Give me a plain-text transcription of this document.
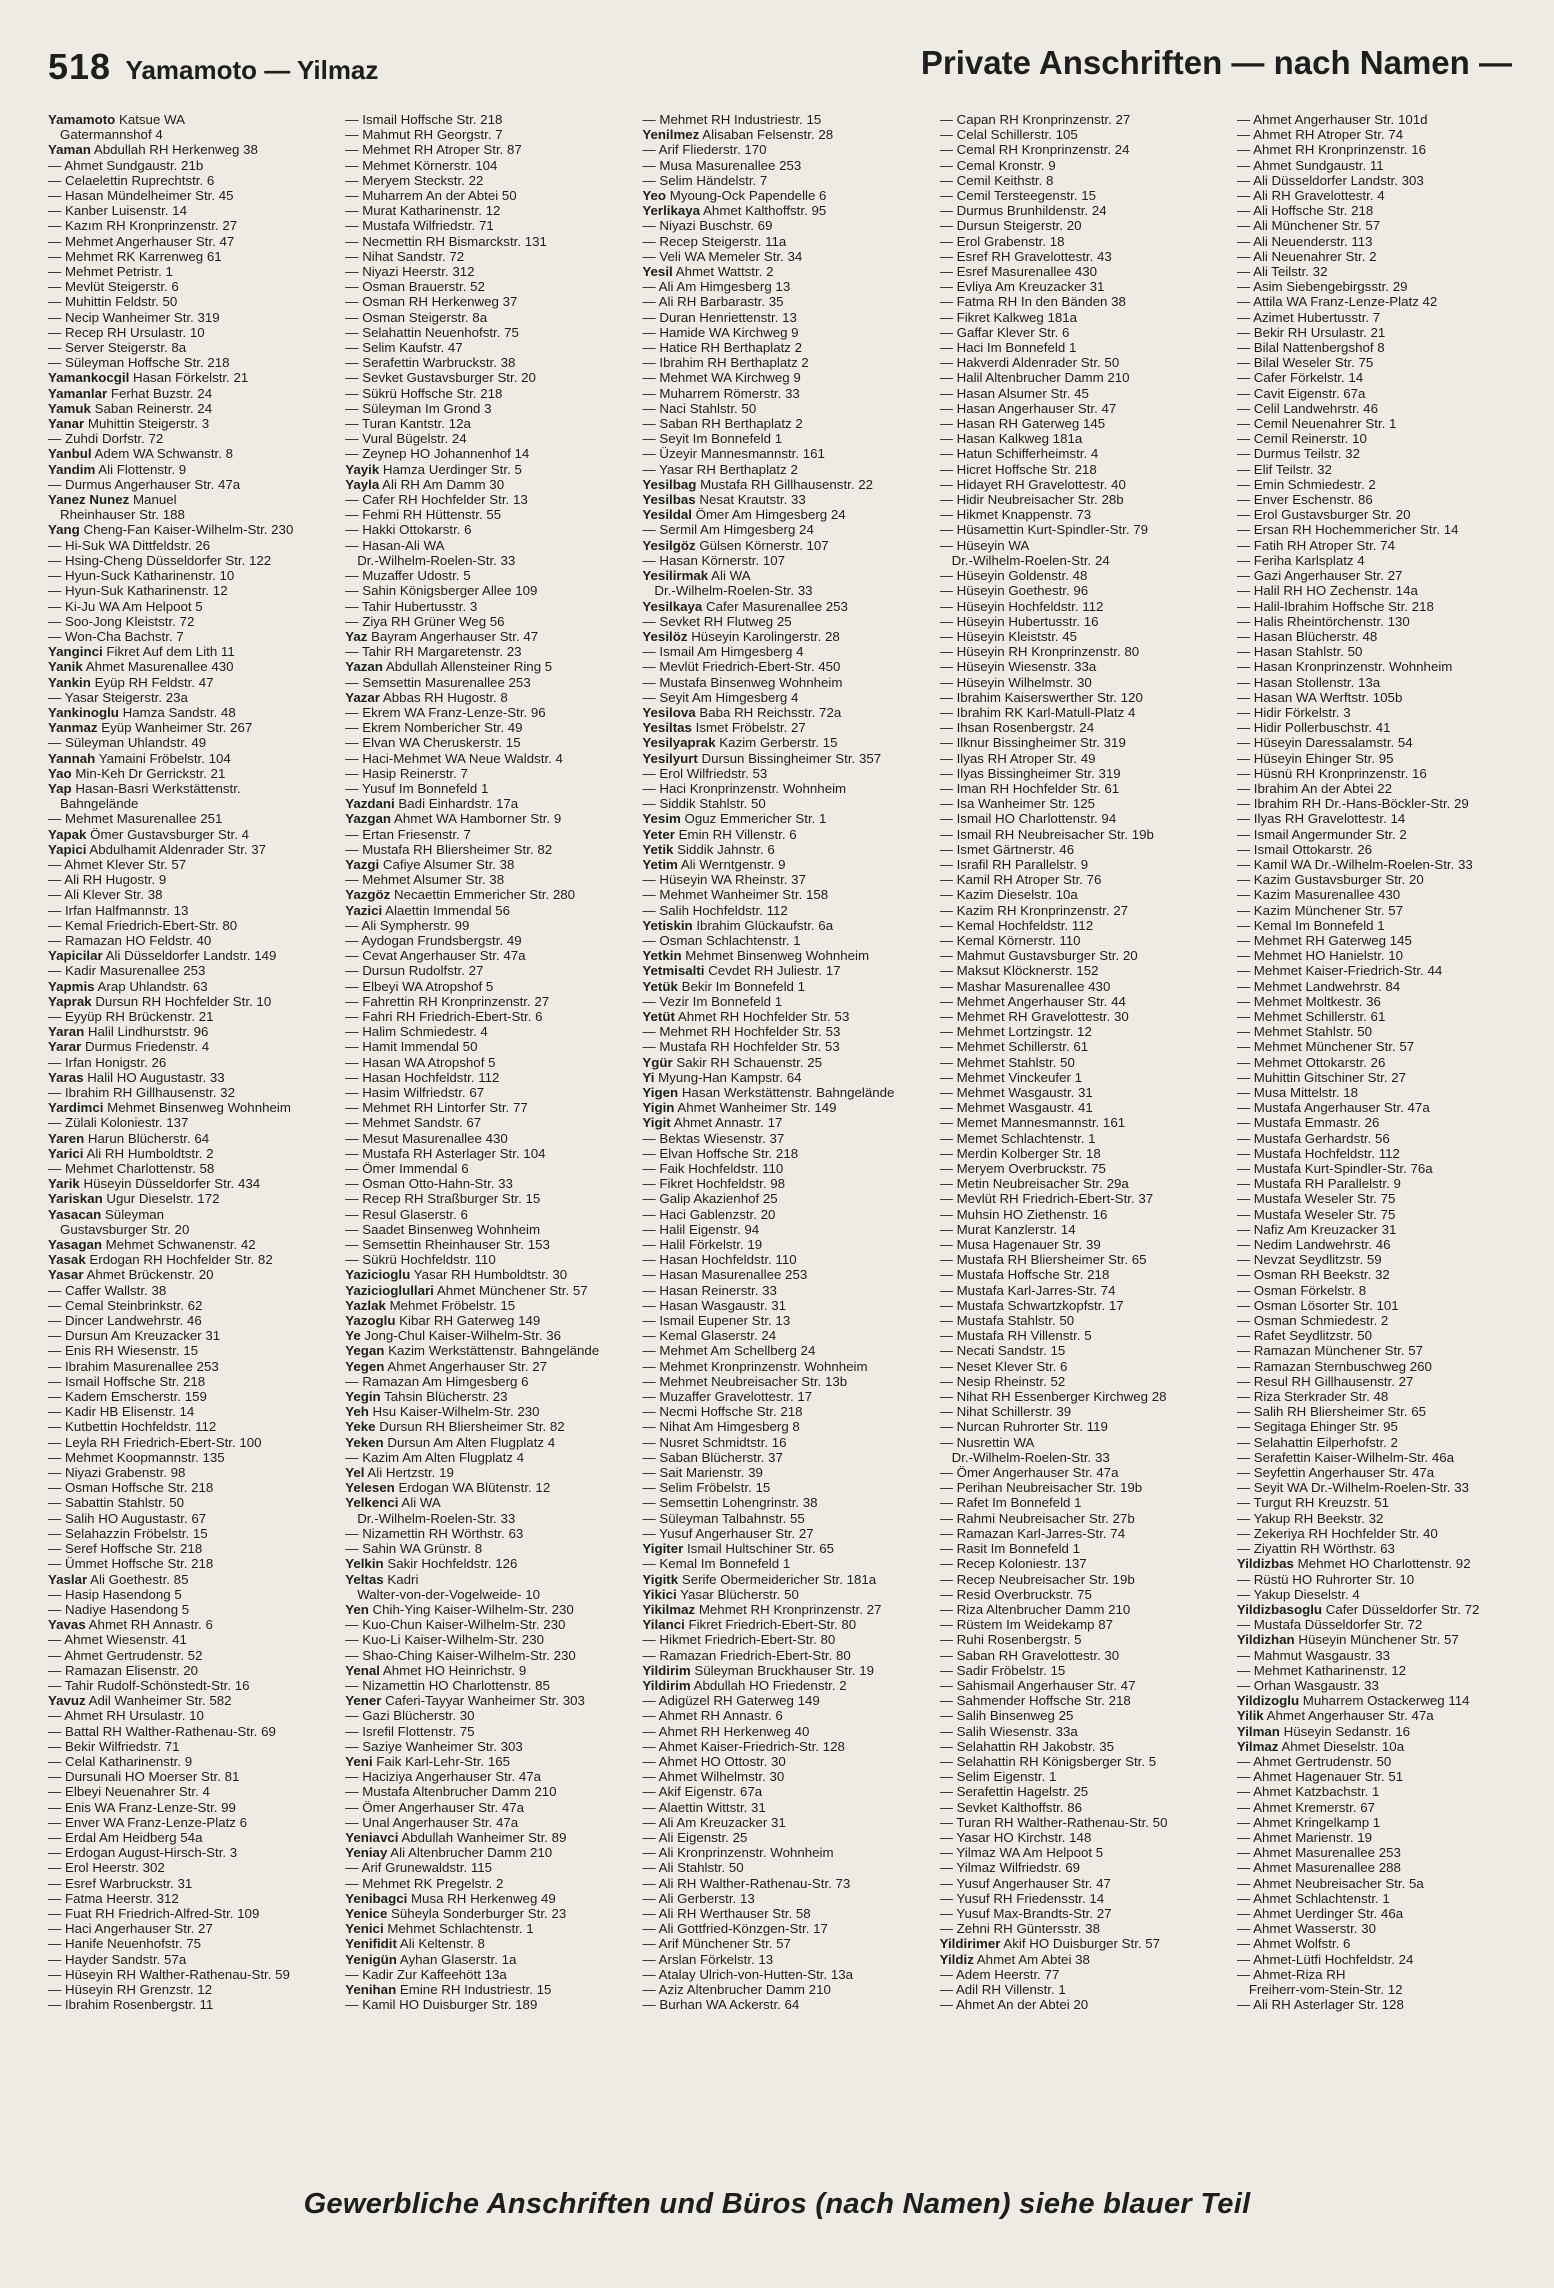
518 Yamamoto — Yilmaz	Private Anschriften — nach Namen —
Yamamoto Katsue WA
Gatermannshof 4
Yaman Abdullah RH Herkenweg 38
— Ahmet Sundgaustr. 21b
— Celaelettin Ruprechtstr. 6
— Hasan Mündelheimer Str. 45
— Kanber Luisenstr. 14
— Kazım RH Kronprinzenstr. 27
— Mehmet Angerhauser Str. 47
— Mehmet RK Karrenweg 61
— Mehmet Petristr. 1
— Mevlüt Steigerstr. 6
— Muhittin Feldstr. 50
— Necip Wanheimer Str. 319
— Recep RH Ursulastr. 10
— Server Steigerstr. 8a
— Süleyman Hoffsche Str. 218
Yamankocgil Hasan Förkelstr. 21
Yamanlar Ferhat Buzstr. 24
Yamuk Saban Reinerstr. 24
Yanar Muhittin Steigerstr. 3
— Zuhdi Dorfstr. 72
Yanbul Adem WA Schwanstr. 8
Yandim Ali Flottenstr. 9
— Durmus Angerhauser Str. 47a
Yanez Nunez Manuel
Rheinhauser Str. 188
Yang Cheng-Fan Kaiser-Wilhelm-Str. 230
— Hi-Suk WA Dittfeldstr. 26
— Hsing-Cheng Düsseldorfer Str. 122
— Hyun-Suck Katharinenstr. 10
— Hyun-Suk Katharinenstr. 12
— Ki-Ju WA Am Helpoot 5
— Soo-Jong Kleiststr. 72
— Won-Cha Bachstr. 7
Yanginci Fikret Auf dem Lith 11
Yanik Ahmet Masurenallee 430
Yankin Eyüp RH Feldstr. 47
— Yasar Steigerstr. 23a
Yankinoglu Hamza Sandstr. 48
Yanmaz Eyüp Wanheimer Str. 267
— Süleyman Uhlandstr. 49
Yannah Yamaini Fröbelstr. 104
Yao Min-Keh Dr Gerrickstr. 21
Yap Hasan-Basri Werkstättenstr.
Bahngelände
— Mehmet Masurenallee 251
Yapak Ömer Gustavsburger Str. 4
Yapici Abdulhamit Aldenrader Str. 37
— Ahmet Klever Str. 57
— Ali RH Hugostr. 9
— Ali Klever Str. 38
— Irfan Halfmannstr. 13
— Kemal Friedrich-Ebert-Str. 80
— Ramazan HO Feldstr. 40
Yapicilar Ali Düsseldorfer Landstr. 149
— Kadir Masurenallee 253
Yapmis Arap Uhlandstr. 63
Yaprak Dursun RH Hochfelder Str. 10
— Eyyüp RH Brückenstr. 21
Yaran Halil Lindhurststr. 96
Yarar Durmus Friedenstr. 4
— Irfan Honigstr. 26
Yaras Halil HO Augustastr. 33
— Ibrahim RH Gillhausenstr. 32
Yardimci Mehmet Binsenweg Wohnheim
— Zülali Koloniestr. 137
Yaren Harun Blücherstr. 64
Yarici Ali RH Humboldtstr. 2
— Mehmet Charlottenstr. 58
Yarik Hüseyin Düsseldorfer Str. 434
Yariskan Ugur Dieselstr. 172
Yasacan Süleyman
Gustavsburger Str. 20
Yasagan Mehmet Schwanenstr. 42
Yasak Erdogan RH Hochfelder Str. 82
Yasar Ahmet Brückenstr. 20
— Caffer Wallstr. 38
— Cemal Steinbrinkstr. 62
— Dincer Landwehrstr. 46
— Dursun Am Kreuzacker 31
— Enis RH Wiesenstr. 15
— Ibrahim Masurenallee 253
— Ismail Hoffsche Str. 218
— Kadem Emscherstr. 159
— Kadir HB Elisenstr. 14
— Kutbettin Hochfeldstr. 112
— Leyla RH Friedrich-Ebert-Str. 100
— Mehmet Koopmannstr. 135
— Niyazi Grabenstr. 98
— Osman Hoffsche Str. 218
— Sabattin Stahlstr. 50
— Salih HO Augustastr. 67
— Selahazzin Fröbelstr. 15
— Seref Hoffsche Str. 218
— Ümmet Hoffsche Str. 218
Yaslar Ali Goethestr. 85
— Hasip Hasendong 5
— Nadiye Hasendong 5
Yavas Ahmet RH Annastr. 6
— Ahmet Wiesenstr. 41
— Ahmet Gertrudenstr. 52
— Ramazan Elisenstr. 20
— Tahir Rudolf-Schönstedt-Str. 16
Yavuz Adil Wanheimer Str. 582
— Ahmet RH Ursulastr. 10
— Battal RH Walther-Rathenau-Str. 69
— Bekir Wilfriedstr. 71
— Celal Katharinenstr. 9
— Dursunali HO Moerser Str. 81
— Elbeyi Neuenahrer Str. 4
— Enis WA Franz-Lenze-Str. 99
— Enver WA Franz-Lenze-Platz 6
— Erdal Am Heidberg 54a
— Erdogan August-Hirsch-Str. 3
— Erol Heerstr. 302
— Esref Warbruckstr. 31
— Fatma Heerstr. 312
— Fuat RH Friedrich-Alfred-Str. 109
— Haci Angerhauser Str. 27
— Hanife Neuenhofstr. 75
— Hayder Sandstr. 57a
— Hüseyin RH Walther-Rathenau-Str. 59
— Hüseyin RH Grenzstr. 12
— Ibrahim Rosenbergstr. 11
— Ismail Hoffsche Str. 218
— Mahmut RH Georgstr. 7
— Mehmet RH Atroper Str. 87
— Mehmet Körnerstr. 104
— Meryem Steckstr. 22
— Muharrem An der Abtei 50
— Murat Katharinenstr. 12
— Mustafa Wilfriedstr. 71
— Necmettin RH Bismarckstr. 131
— Nihat Sandstr. 72
— Niyazi Heerstr. 312
— Osman Brauerstr. 52
— Osman RH Herkenweg 37
— Osman Steigerstr. 8a
— Selahattin Neuenhofstr. 75
— Selim Kaufstr. 47
— Serafettin Warbruckstr. 38
— Sevket Gustavsburger Str. 20
— Sükrü Hoffsche Str. 218
— Süleyman Im Grond 3
— Turan Kantstr. 12a
— Vural Bügelstr. 24
— Zeynep HO Johannenhof 14
Yayik Hamza Uerdinger Str. 5
Yayla Ali RH Am Damm 30
— Cafer RH Hochfelder Str. 13
— Fehmi RH Hüttenstr. 55
— Hakki Ottokarstr. 6
— Hasan-Ali WA
Dr.-Wilhelm-Roelen-Str. 33
— Muzaffer Udostr. 5
— Sahin Königsberger Allee 109
— Tahir Hubertusstr. 3
— Ziya RH Grüner Weg 56
Yaz Bayram Angerhauser Str. 47
— Tahir RH Margaretenstr. 23
Yazan Abdullah Allensteiner Ring 5
— Semsettin Masurenallee 253
Yazar Abbas RH Hugostr. 8
— Ekrem WA Franz-Lenze-Str. 96
— Ekrem Nombericher Str. 49
— Elvan WA Cheruskerstr. 15
— Haci-Mehmet WA Neue Waldstr. 4
— Hasip Reinerstr. 7
— Yusuf Im Bonnefeld 1
Yazdani Badi Einhardstr. 17a
Yazgan Ahmet WA Hamborner Str. 9
— Ertan Friesenstr. 7
— Mustafa RH Bliersheimer Str. 82
Yazgi Cafiye Alsumer Str. 38
— Mehmet Alsumer Str. 38
Yazgöz Necaettin Emmericher Str. 280
Yazici Alaettin Immendal 56
— Ali Sympherstr. 99
— Aydogan Frundsbergstr. 49
— Cevat Angerhauser Str. 47a
— Dursun Rudolfstr. 27
— Elbeyi WA Atropshof 5
— Fahrettin RH Kronprinzenstr. 27
— Fahri RH Friedrich-Ebert-Str. 6
— Halim Schmiedestr. 4
— Hamit Immendal 50
— Hasan WA Atropshof 5
— Hasan Hochfeldstr. 112
— Hasim Wilfriedstr. 67
— Mehmet RH Lintorfer Str. 77
— Mehmet Sandstr. 67
— Mesut Masurenallee 430
— Mustafa RH Asterlager Str. 104
— Ömer Immendal 6
— Osman Otto-Hahn-Str. 33
— Recep RH Straßburger Str. 15
— Resul Glaserstr. 6
— Saadet Binsenweg Wohnheim
— Semsettin Rheinhauser Str. 153
— Sükrü Hochfeldstr. 110
Yazicioglu Yasar RH Humboldtstr. 30
Yazicioglullari Ahmet Münchener Str. 57
Yazlak Mehmet Fröbelstr. 15
Yazoglu Kibar RH Gaterweg 149
Ye Jong-Chul Kaiser-Wilhelm-Str. 36
Yegan Kazim Werkstättenstr. Bahngelände
Yegen Ahmet Angerhauser Str. 27
— Ramazan Am Himgesberg 6
Yegin Tahsin Blücherstr. 23
Yeh Hsu Kaiser-Wilhelm-Str. 230
Yeke Dursun RH Bliersheimer Str. 82
Yeken Dursun Am Alten Flugplatz 4
— Kazim Am Alten Flugplatz 4
Yel Ali Hertzstr. 19
Yelesen Erdogan WA Blütenstr. 12
Yelkenci Ali WA
Dr.-Wilhelm-Roelen-Str. 33
— Nizamettin RH Wörthstr. 63
— Sahin WA Grünstr. 8
Yelkin Sakir Hochfeldstr. 126
Yeltas Kadri
Walter-von-der-Vogelweide- 10
Yen Chih-Ying Kaiser-Wilhelm-Str. 230
— Kuo-Chun Kaiser-Wilhelm-Str. 230
— Kuo-Li Kaiser-Wilhelm-Str. 230
— Shao-Ching Kaiser-Wilhelm-Str. 230
Yenal Ahmet HO Heinrichstr. 9
— Nizamettin HO Charlottenstr. 85
Yener Caferi-Tayyar Wanheimer Str. 303
— Gazi Blücherstr. 30
— Isrefil Flottenstr. 75
— Saziye Wanheimer Str. 303
Yeni Faik Karl-Lehr-Str. 165
— Haciziya Angerhauser Str. 47a
— Mustafa Altenbrucher Damm 210
— Ömer Angerhauser Str. 47a
— Unal Angerhauser Str. 47a
Yeniavci Abdullah Wanheimer Str. 89
Yeniay Ali Altenbrucher Damm 210
— Arif Grunewaldstr. 115
— Mehmet RK Pregelstr. 2
Yenibagci Musa RH Herkenweg 49
Yenice Süheyla Sonderburger Str. 23
Yenici Mehmet Schlachtenstr. 1
Yenifidit Ali Keltenstr. 8
Yenigün Ayhan Glaserstr. 1a
— Kadir Zur Kaffeehött 13a
Yenihan Emine RH Industriestr. 15
— Kamil HO Duisburger Str. 189
— Mehmet RH Industriestr. 15
Yenilmez Alisaban Felsenstr. 28
— Arif Fliederstr. 170
— Musa Masurenallee 253
— Selim Händelstr. 7
Yeo Myoung-Ock Papendelle 6
Yerlikaya Ahmet Kalthoffstr. 95
— Niyazi Buschstr. 69
— Recep Steigerstr. 11a
— Veli WA Memeler Str. 34
Yesil Ahmet Wattstr. 2
— Ali Am Himgesberg 13
— Ali RH Barbarastr. 35
— Duran Henriettenstr. 13
— Hamide WA Kirchweg 9
— Hatice RH Berthaplatz 2
— Ibrahim RH Berthaplatz 2
— Mehmet WA Kirchweg 9
— Muharrem Römerstr. 33
— Naci Stahlstr. 50
— Saban RH Berthaplatz 2
— Seyit Im Bonnefeld 1
— Üzeyir Mannesmannstr. 161
— Yasar RH Berthaplatz 2
Yesilbag Mustafa RH Gillhausenstr. 22
Yesilbas Nesat Krautstr. 33
Yesildal Ömer Am Himgesberg 24
— Sermil Am Himgesberg 24
Yesilgöz Gülsen Körnerstr. 107
— Hasan Körnerstr. 107
Yesilirmak Ali WA
Dr.-Wilhelm-Roelen-Str. 33
Yesilkaya Cafer Masurenallee 253
— Sevket RH Flutweg 25
Yesilöz Hüseyin Karolingerstr. 28
— Ismail Am Himgesberg 4
— Mevlüt Friedrich-Ebert-Str. 450
— Mustafa Binsenweg Wohnheim
— Seyit Am Himgesberg 4
Yesilova Baba RH Reichsstr. 72a
Yesiltas Ismet Fröbelstr. 27
Yesilyaprak Kazim Gerberstr. 15
Yesilyurt Dursun Bissingheimer Str. 357
— Erol Wilfriedstr. 53
— Haci Kronprinzenstr. Wohnheim
— Siddik Stahlstr. 50
Yesim Oguz Emmericher Str. 1
Yeter Emin RH Villenstr. 6
Yetik Siddik Jahnstr. 6
Yetim Ali Werntgenstr. 9
— Hüseyin WA Rheinstr. 37
— Mehmet Wanheimer Str. 158
— Salih Hochfeldstr. 112
Yetiskin Ibrahim Glückaufstr. 6a
— Osman Schlachtenstr. 1
Yetkin Mehmet Binsenweg Wohnheim
Yetmisalti Cevdet RH Juliestr. 17
Yetük Bekir Im Bonnefeld 1
— Vezir Im Bonnefeld 1
Yetüt Ahmet RH Hochfelder Str. 53
— Mehmet RH Hochfelder Str. 53
— Mustafa RH Hochfelder Str. 53
Ygür Sakir RH Schauenstr. 25
Yi Myung-Han Kampstr. 64
Yigen Hasan Werkstättenstr. Bahngelände
Yigin Ahmet Wanheimer Str. 149
Yigit Ahmet Annastr. 17
— Bektas Wiesenstr. 37
— Elvan Hoffsche Str. 218
— Faik Hochfeldstr. 110
— Fikret Hochfeldstr. 98
— Galip Akazienhof 25
— Haci Gablenzstr. 20
— Halil Eigenstr. 94
— Halil Förkelstr. 19
— Hasan Hochfeldstr. 110
— Hasan Masurenallee 253
— Hasan Reinerstr. 33
— Hasan Wasgaustr. 31
— Ismail Eupener Str. 13
— Kemal Glaserstr. 24
— Mehmet Am Schellberg 24
— Mehmet Kronprinzenstr. Wohnheim
— Mehmet Neubreisacher Str. 13b
— Muzaffer Gravelottestr. 17
— Necmi Hoffsche Str. 218
— Nihat Am Himgesberg 8
— Nusret Schmidtstr. 16
— Saban Blücherstr. 37
— Sait Marienstr. 39
— Selim Fröbelstr. 15
— Semsettin Lohengrinstr. 38
— Süleyman Talbahnstr. 55
— Yusuf Angerhauser Str. 27
Yigiter Ismail Hultschiner Str. 65
— Kemal Im Bonnefeld 1
Yigitk Serife Obermeidericher Str. 181a
Yikici Yasar Blücherstr. 50
Yikilmaz Mehmet RH Kronprinzenstr. 27
Yilanci Fikret Friedrich-Ebert-Str. 80
— Hikmet Friedrich-Ebert-Str. 80
— Ramazan Friedrich-Ebert-Str. 80
Yildirim Süleyman Bruckhauser Str. 19
Yildirim Abdullah HO Friedenstr. 2
— Adigüzel RH Gaterweg 149
— Ahmet RH Annastr. 6
— Ahmet RH Herkenweg 40
— Ahmet Kaiser-Friedrich-Str. 128
— Ahmet HO Ottostr. 30
— Ahmet Wilhelmstr. 30
— Akif Eigenstr. 67a
— Alaettin Wittstr. 31
— Ali Am Kreuzacker 31
— Ali Eigenstr. 25
— Ali Kronprinzenstr. Wohnheim
— Ali Stahlstr. 50
— Ali RH Walther-Rathenau-Str. 73
— Ali Gerberstr. 13
— Ali RH Werthauser Str. 58
— Ali Gottfried-Könzgen-Str. 17
— Arif Münchener Str. 57
— Arslan Förkelstr. 13
— Atalay Ulrich-von-Hutten-Str. 13a
— Aziz Altenbrucher Damm 210
— Burhan WA Ackerstr. 64
— Capan RH Kronprinzenstr. 27
— Celal Schillerstr. 105
— Cemal RH Kronprinzenstr. 24
— Cemal Kronstr. 9
— Cemil Keithstr. 8
— Cemil Tersteegenstr. 15
— Durmus Brunhildenstr. 24
— Dursun Steigerstr. 20
— Erol Grabenstr. 18
— Esref RH Gravelottestr. 43
— Esref Masurenallee 430
— Evliya Am Kreuzacker 31
— Fatma RH In den Bänden 38
— Fikret Kalkweg 181a
— Gaffar Klever Str. 6
— Haci Im Bonnefeld 1
— Hakverdi Aldenrader Str. 50
— Halil Altenbrucher Damm 210
— Hasan Alsumer Str. 45
— Hasan Angerhauser Str. 47
— Hasan RH Gaterweg 145
— Hasan Kalkweg 181a
— Hatun Schifferheimstr. 4
— Hicret Hoffsche Str. 218
— Hidayet RH Gravelottestr. 40
— Hidir Neubreisacher Str. 28b
— Hikmet Knappenstr. 73
— Hüsamettin Kurt-Spindler-Str. 79
— Hüseyin WA
Dr.-Wilhelm-Roelen-Str. 24
— Hüseyin Goldenstr. 48
— Hüseyin Goethestr. 96
— Hüseyin Hochfeldstr. 112
— Hüseyin Hubertusstr. 16
— Hüseyin Kleiststr. 45
— Hüseyin RH Kronprinzenstr. 80
— Hüseyin Wiesenstr. 33a
— Hüseyin Wilhelmstr. 30
— Ibrahim Kaiserswerther Str. 120
— Ibrahim RK Karl-Matull-Platz 4
— Ihsan Rosenbergstr. 24
— Ilknur Bissingheimer Str. 319
— Ilyas RH Atroper Str. 49
— Ilyas Bissingheimer Str. 319
— Iman RH Hochfelder Str. 61
— Isa Wanheimer Str. 125
— Ismail HO Charlottenstr. 94
— Ismail RH Neubreisacher Str. 19b
— Ismet Gärtnerstr. 46
— Israfil RH Parallelstr. 9
— Kamil RH Atroper Str. 76
— Kazim Dieselstr. 10a
— Kazim RH Kronprinzenstr. 27
— Kemal Hochfeldstr. 112
— Kemal Körnerstr. 110
— Mahmut Gustavsburger Str. 20
— Maksut Klöcknerstr. 152
— Mashar Masurenallee 430
— Mehmet Angerhauser Str. 44
— Mehmet RH Gravelottestr. 30
— Mehmet Lortzingstr. 12
— Mehmet Schillerstr. 61
— Mehmet Stahlstr. 50
— Mehmet Vinckeufer 1
— Mehmet Wasgaustr. 31
— Mehmet Wasgaustr. 41
— Memet Mannesmannstr. 161
— Memet Schlachtenstr. 1
— Merdin Kolberger Str. 18
— Meryem Overbruckstr. 75
— Metin Neubreisacher Str. 29a
— Mevlüt RH Friedrich-Ebert-Str. 37
— Muhsin HO Ziethenstr. 16
— Murat Kanzlerstr. 14
— Musa Hagenauer Str. 39
— Mustafa RH Bliersheimer Str. 65
— Mustafa Hoffsche Str. 218
— Mustafa Karl-Jarres-Str. 74
— Mustafa Schwartzkopfstr. 17
— Mustafa Stahlstr. 50
— Mustafa RH Villenstr. 5
— Necati Sandstr. 15
— Neset Klever Str. 6
— Nesip Rheinstr. 52
— Nihat RH Essenberger Kirchweg 28
— Nihat Schillerstr. 39
— Nurcan Ruhrorter Str. 119
— Nusrettin WA
Dr.-Wilhelm-Roelen-Str. 33
— Ömer Angerhauser Str. 47a
— Perihan Neubreisacher Str. 19b
— Rafet Im Bonnefeld 1
— Rahmi Neubreisacher Str. 27b
— Ramazan Karl-Jarres-Str. 74
— Rasit Im Bonnefeld 1
— Recep Koloniestr. 137
— Recep Neubreisacher Str. 19b
— Resid Overbruckstr. 75
— Riza Altenbrucher Damm 210
— Rüstem Im Weidekamp 87
— Ruhi Rosenbergstr. 5
— Saban RH Gravelottestr. 30
— Sadir Fröbelstr. 15
— Sahismail Angerhauser Str. 47
— Sahmender Hoffsche Str. 218
— Salih Binsenweg 25
— Salih Wiesenstr. 33a
— Selahattin RH Jakobstr. 35
— Selahattin RH Königsberger Str. 5
— Selim Eigenstr. 1
— Serafettin Hagelstr. 25
— Sevket Kalthoffstr. 86
— Turan RH Walther-Rathenau-Str. 50
— Yasar HO Kirchstr. 148
— Yilmaz WA Am Helpoot 5
— Yilmaz Wilfriedstr. 69
— Yusuf Angerhauser Str. 47
— Yusuf RH Friedensstr. 14
— Yusuf Max-Brandts-Str. 27
— Zehni RH Güntersstr. 38
Yildirimer Akif HO Duisburger Str. 57
Yildiz Ahmet Am Abtei 38
— Adem Heerstr. 77
— Adil RH Villenstr. 1
— Ahmet An der Abtei 20
— Ahmet Angerhauser Str. 101d
— Ahmet RH Atroper Str. 74
— Ahmet RH Kronprinzenstr. 16
— Ahmet Sundgaustr. 11
— Ali Düsseldorfer Landstr. 303
— Ali RH Gravelottestr. 4
— Ali Hoffsche Str. 218
— Ali Münchener Str. 57
— Ali Neuenderstr. 113
— Ali Neuenahrer Str. 2
— Ali Teilstr. 32
— Asim Siebengebirgsstr. 29
— Attila WA Franz-Lenze-Platz 42
— Azimet Hubertusstr. 7
— Bekir RH Ursulastr. 21
— Bilal Nattenbergshof 8
— Bilal Weseler Str. 75
— Cafer Förkelstr. 14
— Cavit Eigenstr. 67a
— Celil Landwehrstr. 46
— Cemil Neuenahrer Str. 1
— Cemil Reinerstr. 10
— Durmus Teilstr. 32
— Elif Teilstr. 32
— Emin Schmiedestr. 2
— Enver Eschenstr. 86
— Erol Gustavsburger Str. 20
— Ersan RH Hochemmericher Str. 14
— Fatih RH Atroper Str. 74
— Feriha Karlsplatz 4
— Gazi Angerhauser Str. 27
— Halil RH HO Zechenstr. 14a
— Halil-Ibrahim Hoffsche Str. 218
— Halis Rheintörchenstr. 130
— Hasan Blücherstr. 48
— Hasan Stahlstr. 50
— Hasan Kronprinzenstr. Wohnheim
— Hasan Stollenstr. 13a
— Hasan WA Werftstr. 105b
— Hidir Förkelstr. 3
— Hidir Pollerbuschstr. 41
— Hüseyin Daressalamstr. 54
— Hüseyin Ehinger Str. 95
— Hüsnü RH Kronprinzenstr. 16
— Ibrahim An der Abtei 22
— Ibrahim RH Dr.-Hans-Böckler-Str. 29
— Ilyas RH Gravelottestr. 14
— Ismail Angermunder Str. 2
— Ismail Ottokarstr. 26
— Kamil WA Dr.-Wilhelm-Roelen-Str. 33
— Kazim Gustavsburger Str. 20
— Kazim Masurenallee 430
— Kazim Münchener Str. 57
— Kemal Im Bonnefeld 1
— Mehmet RH Gaterweg 145
— Mehmet HO Hanielstr. 10
— Mehmet Kaiser-Friedrich-Str. 44
— Mehmet Landwehrstr. 84
— Mehmet Moltkestr. 36
— Mehmet Schillerstr. 61
— Mehmet Stahlstr. 50
— Mehmet Münchener Str. 57
— Mehmet Ottokarstr. 26
— Muhittin Gitschiner Str. 27
— Musa Mittelstr. 18
— Mustafa Angerhauser Str. 47a
— Mustafa Emmastr. 26
— Mustafa Gerhardstr. 56
— Mustafa Hochfeldstr. 112
— Mustafa Kurt-Spindler-Str. 76a
— Mustafa RH Parallelstr. 9
— Mustafa Weseler Str. 75
— Mustafa Weseler Str. 75
— Nafiz Am Kreuzacker 31
— Nedim Landwehrstr. 46
— Nevzat Seydlitzstr. 59
— Osman RH Beekstr. 32
— Osman Förkelstr. 8
— Osman Lösorter Str. 101
— Osman Schmiedestr. 2
— Rafet Seydlitzstr. 50
— Ramazan Münchener Str. 57
— Ramazan Sternbuschweg 260
— Resul RH Gillhausenstr. 27
— Riza Sterkrader Str. 48
— Salih RH Bliersheimer Str. 65
— Segitaga Ehinger Str. 95
— Selahattin Eilperhofstr. 2
— Serafettin Kaiser-Wilhelm-Str. 46a
— Seyfettin Angerhauser Str. 47a
— Seyit WA Dr.-Wilhelm-Roelen-Str. 33
— Turgut RH Kreuzstr. 51
— Yakup RH Beekstr. 32
— Zekeriya RH Hochfelder Str. 40
— Ziyattin RH Wörthstr. 63
Yildizbas Mehmet HO Charlottenstr. 92
— Rüstü HO Ruhrorter Str. 10
— Yakup Dieselstr. 4
Yildizbasoglu Cafer Düsseldorfer Str. 72
— Mustafa Düsseldorfer Str. 72
Yildizhan Hüseyin Münchener Str. 57
— Mahmut Wasgaustr. 33
— Mehmet Katharinenstr. 12
— Orhan Wasgaustr. 33
Yildizoglu Muharrem Ostackerweg 114
Yilik Ahmet Angerhauser Str. 47a
Yilman Hüseyin Sedanstr. 16
Yilmaz Ahmet Dieselstr. 10a
— Ahmet Gertrudenstr. 50
— Ahmet Hagenauer Str. 51
— Ahmet Katzbachstr. 1
— Ahmet Kremerstr. 67
— Ahmet Kringelkamp 1
— Ahmet Marienstr. 19
— Ahmet Masurenallee 253
— Ahmet Masurenallee 288
— Ahmet Neubreisacher Str. 5a
— Ahmet Schlachtenstr. 1
— Ahmet Uerdinger Str. 46a
— Ahmet Wasserstr. 30
— Ahmet Wolfstr. 6
— Ahmet-Lütfi Hochfeldstr. 24
— Ahmet-Riza RH
Freiherr-vom-Stein-Str. 12
— Ali RH Asterlager Str. 128
Gewerbliche Anschriften und Büros (nach Namen) siehe blauer Teil
